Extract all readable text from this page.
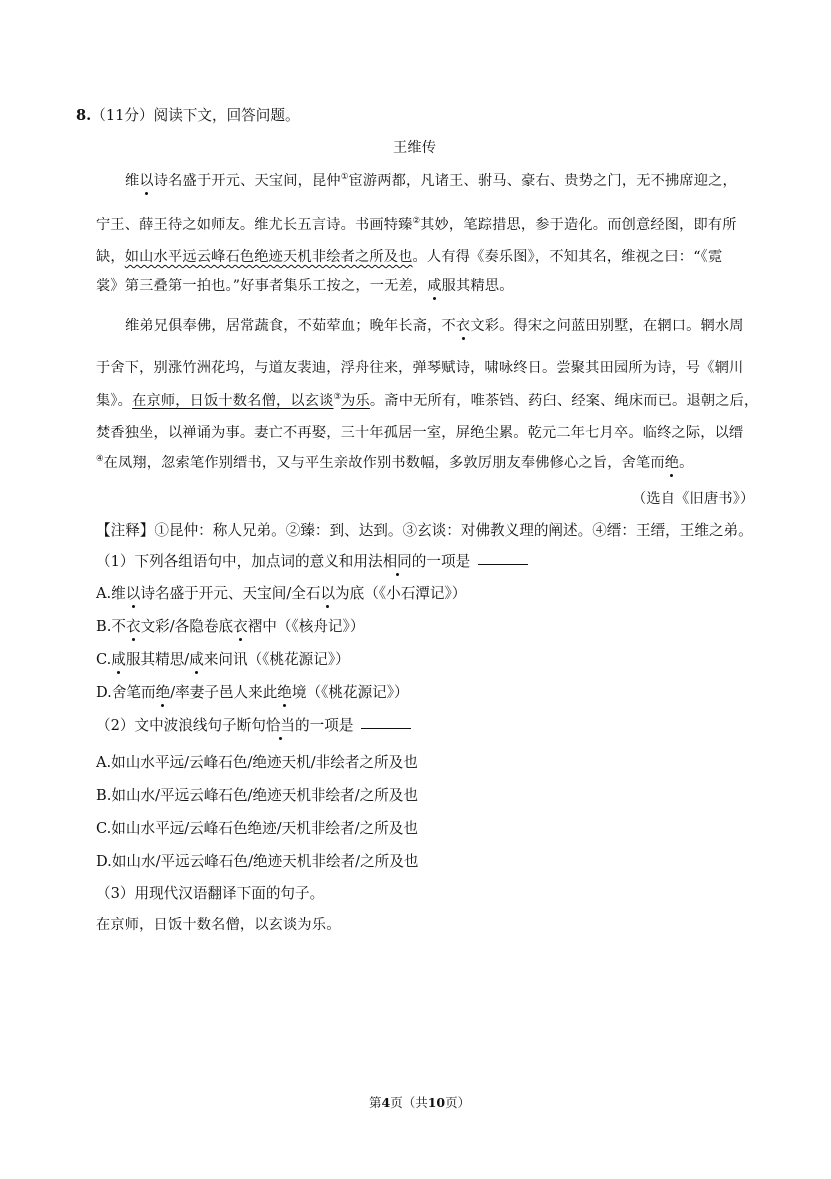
8.（11分）阅读下文，回答问题。
王维传
维以诗名盛于开元、天宝间，昆仲①宦游两都，凡诸王、驸马、豪右、贵势之门，无不拂席迎之，
宁王、薛王待之如师友。维尤长五言诗。书画特臻②其妙，笔踪措思，参于造化。而创意经图，即有所
缺，如山水平远云峰石色绝迹天机非绘者之所及也。人有得《奏乐图》，不知其名，维视之曰：“《霓
裳》第三叠第一拍也。”好事者集乐工按之，一无差，咸服其精思。
维弟兄俱奉佛，居常蔬食，不茹荤血；晚年长斋，不衣文彩。得宋之问蓝田别墅，在辋口。辋水周
于舍下，别涨竹洲花坞，与道友裴迪，浮舟往来，弹琴赋诗，啸咏终日。尝聚其田园所为诗，号《辋川
集》。在京师，日饭十数名僧，以玄谈③为乐。斋中无所有，唯茶铛、药臼、经案、绳床而已。退朝之后，
焚香独坐，以禅诵为事。妻亡不再娶，三十年孤居一室，屏绝尘累。乾元二年七月卒。临终之际，以缙
④在凤翔，忽索笔作别缙书，又与平生亲故作别书数幅，多敦厉朋友奉佛修心之旨，舍笔而绝。
（选自《旧唐书》）
【注释】①昆仲：称人兄弟。②臻：到、达到。③玄谈：对佛教义理的阐述。④缙：王缙，王维之弟。
（1）下列各组语句中，加点词的意义和用法相同的一项是
A.维以诗名盛于开元、天宝间/全石以为底（《小石潭记》）
B.不衣文彩/各隐卷底衣褶中（《核舟记》）
C.咸服其精思/咸来问讯（《桃花源记》）
D.舍笔而绝/率妻子邑人来此绝境（《桃花源记》）
（2）文中波浪线句子断句恰当的一项是
A.如山水平远/云峰石色/绝迹天机/非绘者之所及也
B.如山水/平远云峰石色/绝迹天机非绘者/之所及也
C.如山水平远/云峰石色绝迹/天机非绘者/之所及也
D.如山水/平远云峰石色/绝迹天机非绘者/之所及也
（3）用现代汉语翻译下面的句子。
在京师，日饭十数名僧，以玄谈为乐。
第4页（共10页）
